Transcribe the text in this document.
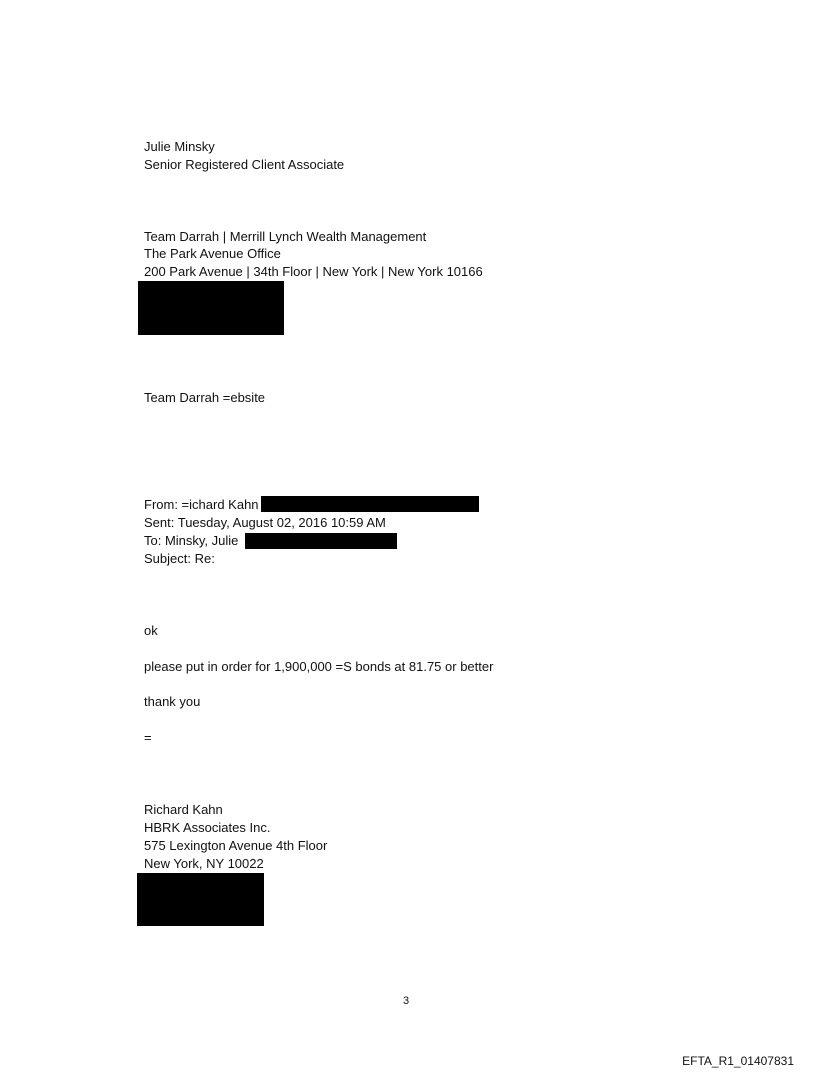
Julie Minsky
Senior Registered Client Associate
Team Darrah | Merrill Lynch Wealth Management
The Park Avenue Office
200 Park Avenue | 34th Floor | New York | New York 10166
Team Darrah =ebsite
From: =ichard Kahn
Sent: Tuesday, August 02, 2016 10:59 AM
To: Minsky, Julie
Subject: Re:
ok
please put in order for 1,900,000 =S bonds at 81.75 or better
thank you
=
Richard Kahn
HBRK Associates Inc.
575 Lexington Avenue 4th Floor
New York, NY 10022
3
EFTA_R1_01407831
